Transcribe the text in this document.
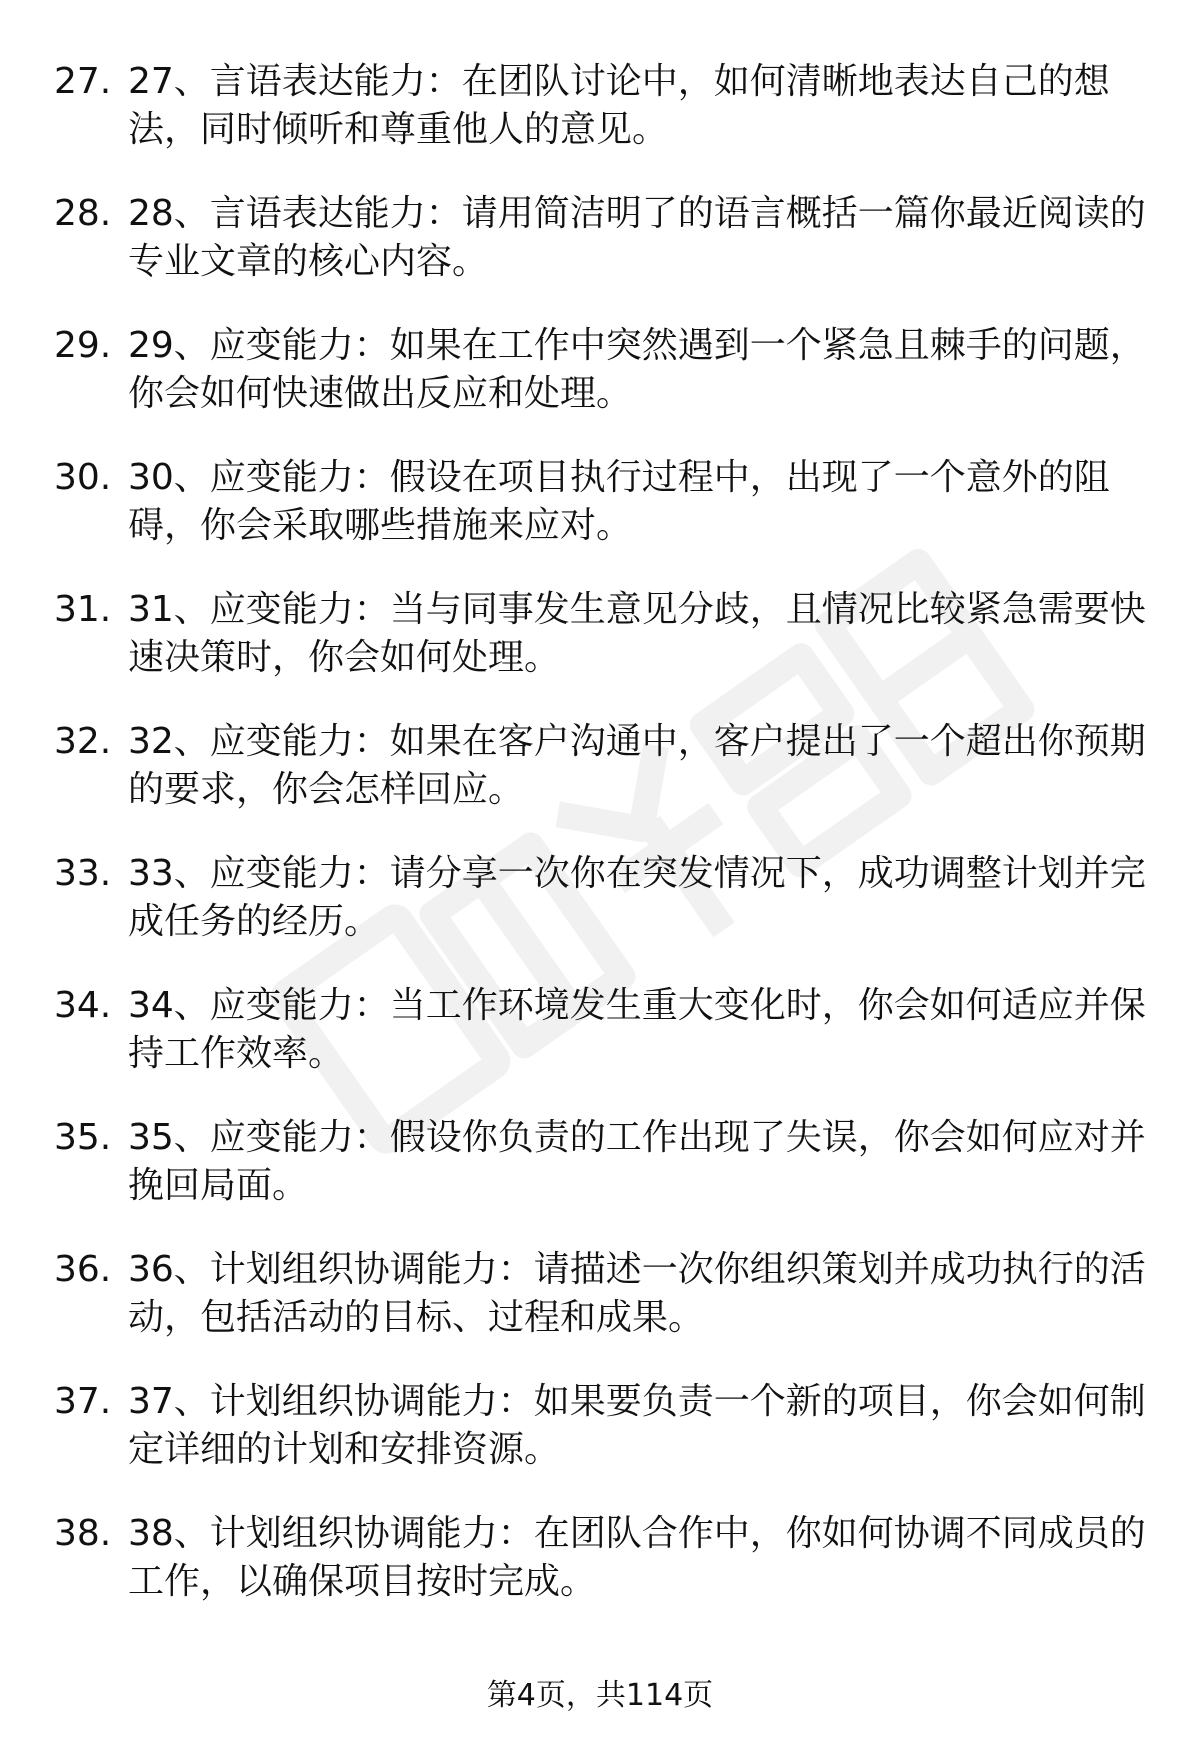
27. 27、言语表达能力：在团队讨论中，如何清晰地表达自己的想法，同时倾听和尊重他人的意见。
28. 28、言语表达能力：请用简洁明了的语言概括一篇你最近阅读的专业文章的核心内容。
29. 29、应变能力：如果在工作中突然遇到一个紧急且棘手的问题，你会如何快速做出反应和处理。
30. 30、应变能力：假设在项目执行过程中，出现了一个意外的阻碍，你会采取哪些措施来应对。
31. 31、应变能力：当与同事发生意见分歧，且情况比较紧急需要快速决策时，你会如何处理。
32. 32、应变能力：如果在客户沟通中，客户提出了一个超出你预期的要求，你会怎样回应。
33. 33、应变能力：请分享一次你在突发情况下，成功调整计划并完成任务的经历。
34. 34、应变能力：当工作环境发生重大变化时，你会如何适应并保持工作效率。
35. 35、应变能力：假设你负责的工作出现了失误，你会如何应对并挽回局面。
36. 36、计划组织协调能力：请描述一次你组织策划并成功执行的活动，包括活动的目标、过程和成果。
37. 37、计划组织协调能力：如果要负责一个新的项目，你会如何制定详细的计划和安排资源。
38. 38、计划组织协调能力：在团队合作中，你如何协调不同成员的工作，以确保项目按时完成。
第4页，共114页
